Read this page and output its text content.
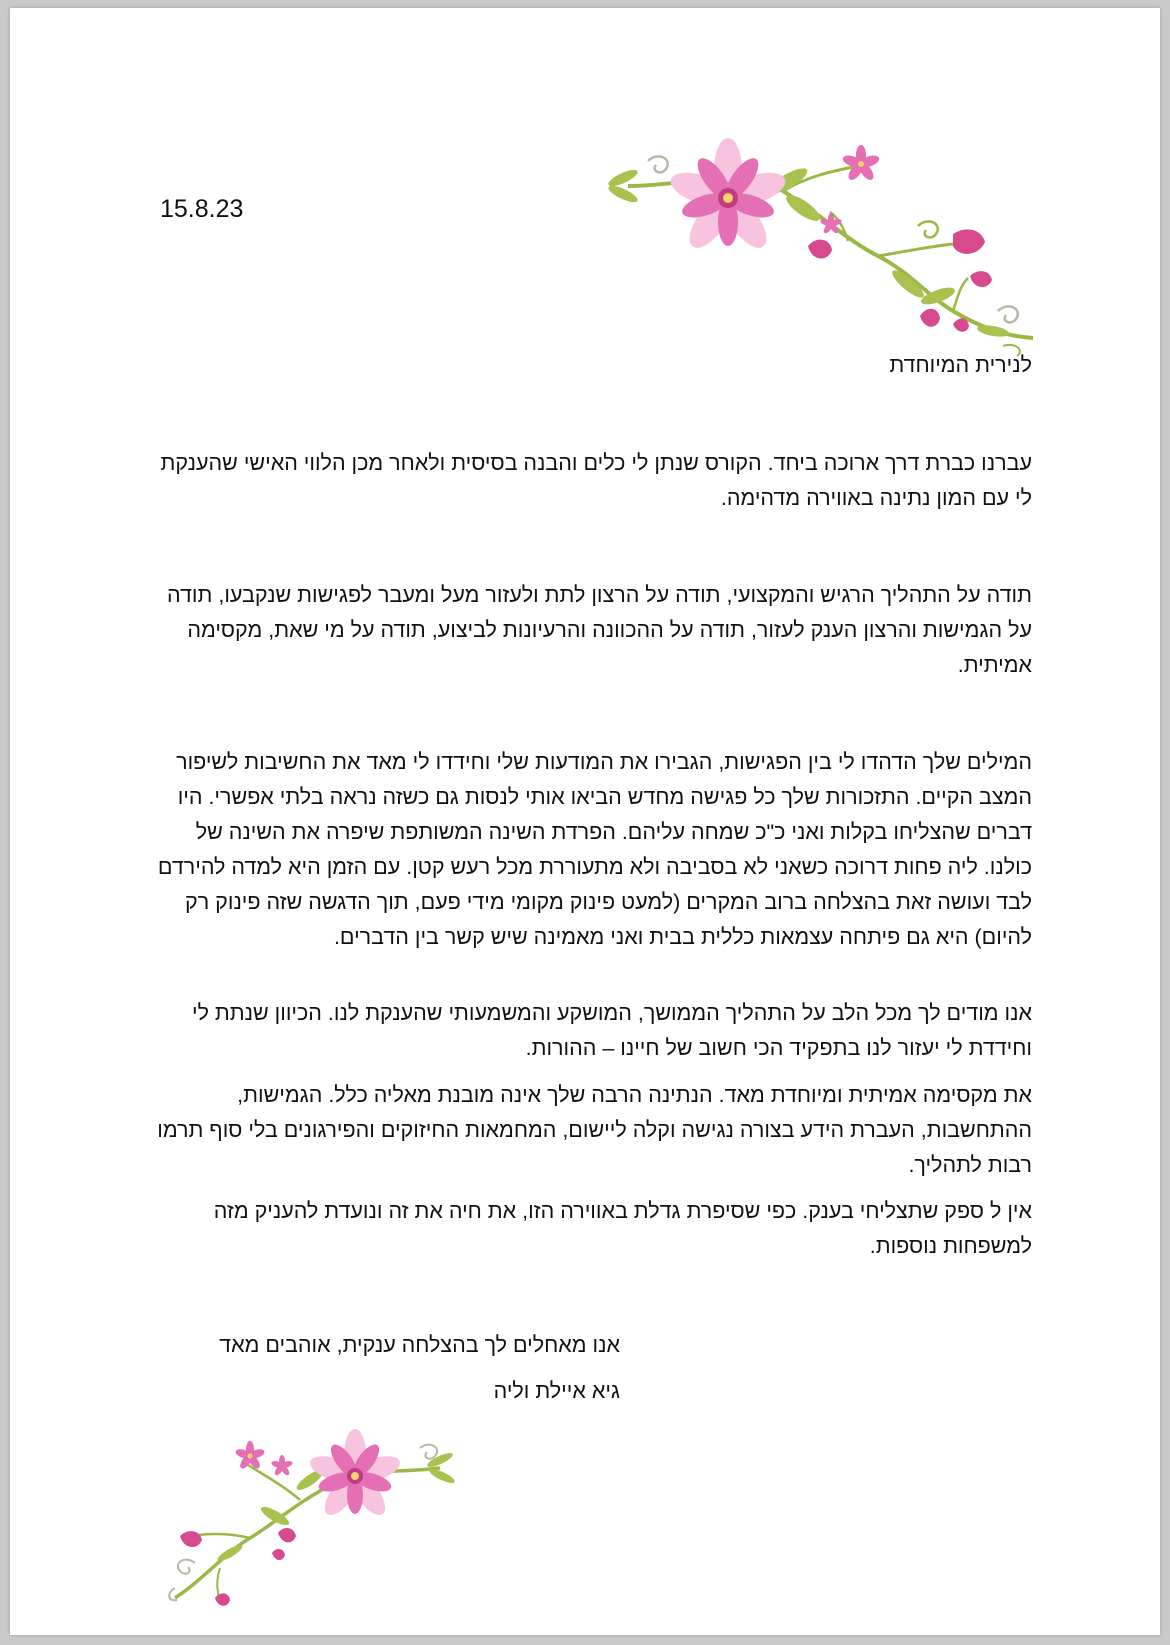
15.8.23
לנירית המיוחדת

עברנו כברת דרך ארוכה ביחד. הקורס שנתן לי כלים והבנה בסיסית ולאחר מכן הלווי האישי שהענקת לי עם המון נתינה באווירה מדהימה.

תודה על התהליך הרגיש והמקצועי, תודה על הרצון לתת ולעזור מעל ומעבר לפגישות שנקבעו, תודה על הגמישות והרצון הענק לעזור, תודה על ההכוונה והרעיונות לביצוע, תודה על מי שאת, מקסימה אמיתית.

המילים שלך הדהדו לי בין הפגישות, הגבירו את המודעות שלי וחידדו לי מאד את החשיבות לשיפור המצב הקיים. התזכורות שלך כל פגישה מחדש הביאו אותי לנסות גם כשזה נראה בלתי אפשרי. היו דברים שהצליחו בקלות ואני כ"כ שמחה עליהם. הפרדת השינה המשותפת שיפרה את השינה של כולנו. ליה פחות דרוכה כשאני לא בסביבה ולא מתעוררת מכל רעש קטן. עם הזמן היא למדה להירדם לבד ועושה זאת בהצלחה ברוב המקרים (למעט פינוק מקומי מידי פעם, תוך הדגשה שזה פינוק רק להיום) היא גם פיתחה עצמאות כללית בבית ואני מאמינה שיש קשר בין הדברים.

אנו מודים לך מכל הלב על התהליך הממושך, המושקע והמשמעותי שהענקת לנו. הכיוון שנתת לי וחידדת לי יעזור לנו בתפקיד הכי חשוב של חיינו – ההורות.

את מקסימה אמיתית ומיוחדת מאד. הנתינה הרבה שלך אינה מובנת מאליה כלל. הגמישות, ההתחשבות, העברת הידע בצורה נגישה וקלה ליישום, המחמאות החיזוקים והפירגונים בלי סוף תרמו רבות לתהליך.

אין ל ספק שתצליחי בענק. כפי שסיפרת גדלת באווירה הזו, את חיה את זה ונועדת להעניק מזה למשפחות נוספות.

אנו מאחלים לך בהצלחה ענקית, אוהבים מאד
גיא איילת וליה
